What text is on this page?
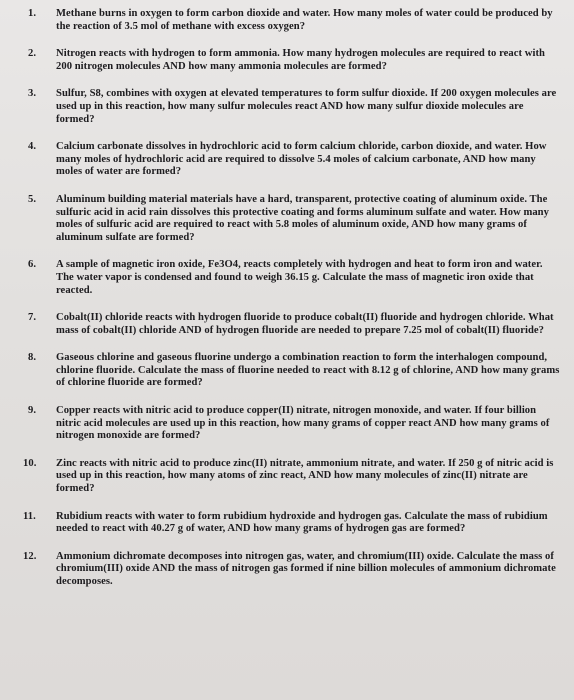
1.	Methane burns in oxygen to form carbon dioxide and water. How many moles of water could be produced by the reaction of 3.5 mol of methane with excess oxygen?
2.	Nitrogen reacts with hydrogen to form ammonia. How many hydrogen molecules are required to react with 200 nitrogen molecules AND how many ammonia molecules are formed?
3.	Sulfur, S8, combines with oxygen at elevated temperatures to form sulfur dioxide. If 200 oxygen molecules are used up in this reaction, how many sulfur molecules react AND how many sulfur dioxide molecules are formed?
4.	Calcium carbonate dissolves in hydrochloric acid to form calcium chloride, carbon dioxide, and water. How many moles of hydrochloric acid are required to dissolve 5.4 moles of calcium carbonate, AND how many moles of water are formed?
5.	Aluminum building material materials have a hard, transparent, protective coating of aluminum oxide. The sulfuric acid in acid rain dissolves this protective coating and forms aluminum sulfate and water. How many moles of sulfuric acid are required to react with 5.8 moles of aluminum oxide, AND how many grams of aluminum sulfate are formed?
6.	A sample of magnetic iron oxide, Fe3O4, reacts completely with hydrogen and heat to form iron and water. The water vapor is condensed and found to weigh 36.15 g. Calculate the mass of magnetic iron oxide that reacted.
7.	Cobalt(II) chloride reacts with hydrogen fluoride to produce cobalt(II) fluoride and hydrogen chloride. What mass of cobalt(II) chloride AND of hydrogen fluoride are needed to prepare 7.25 mol of cobalt(II) fluoride?
8.	Gaseous chlorine and gaseous fluorine undergo a combination reaction to form the interhalogen compound, chlorine fluoride. Calculate the mass of fluorine needed to react with 8.12 g of chlorine, AND how many grams of chlorine fluoride are formed?
9.	Copper reacts with nitric acid to produce copper(II) nitrate, nitrogen monoxide, and water. If four billion nitric acid molecules are used up in this reaction, how many grams of copper react AND how many grams of nitrogen monoxide are formed?
10.	Zinc reacts with nitric acid to produce zinc(II) nitrate, ammonium nitrate, and water. If 250 g of nitric acid is used up in this reaction, how many atoms of zinc react, AND how many molecules of zinc(II) nitrate are formed?
11.	Rubidium reacts with water to form rubidium hydroxide and hydrogen gas. Calculate the mass of rubidium needed to react with 40.27 g of water, AND how many grams of hydrogen gas are formed?
12.	Ammonium dichromate decomposes into nitrogen gas, water, and chromium(III) oxide. Calculate the mass of chromium(III) oxide AND the mass of nitrogen gas formed if nine billion molecules of ammonium dichromate decomposes.
